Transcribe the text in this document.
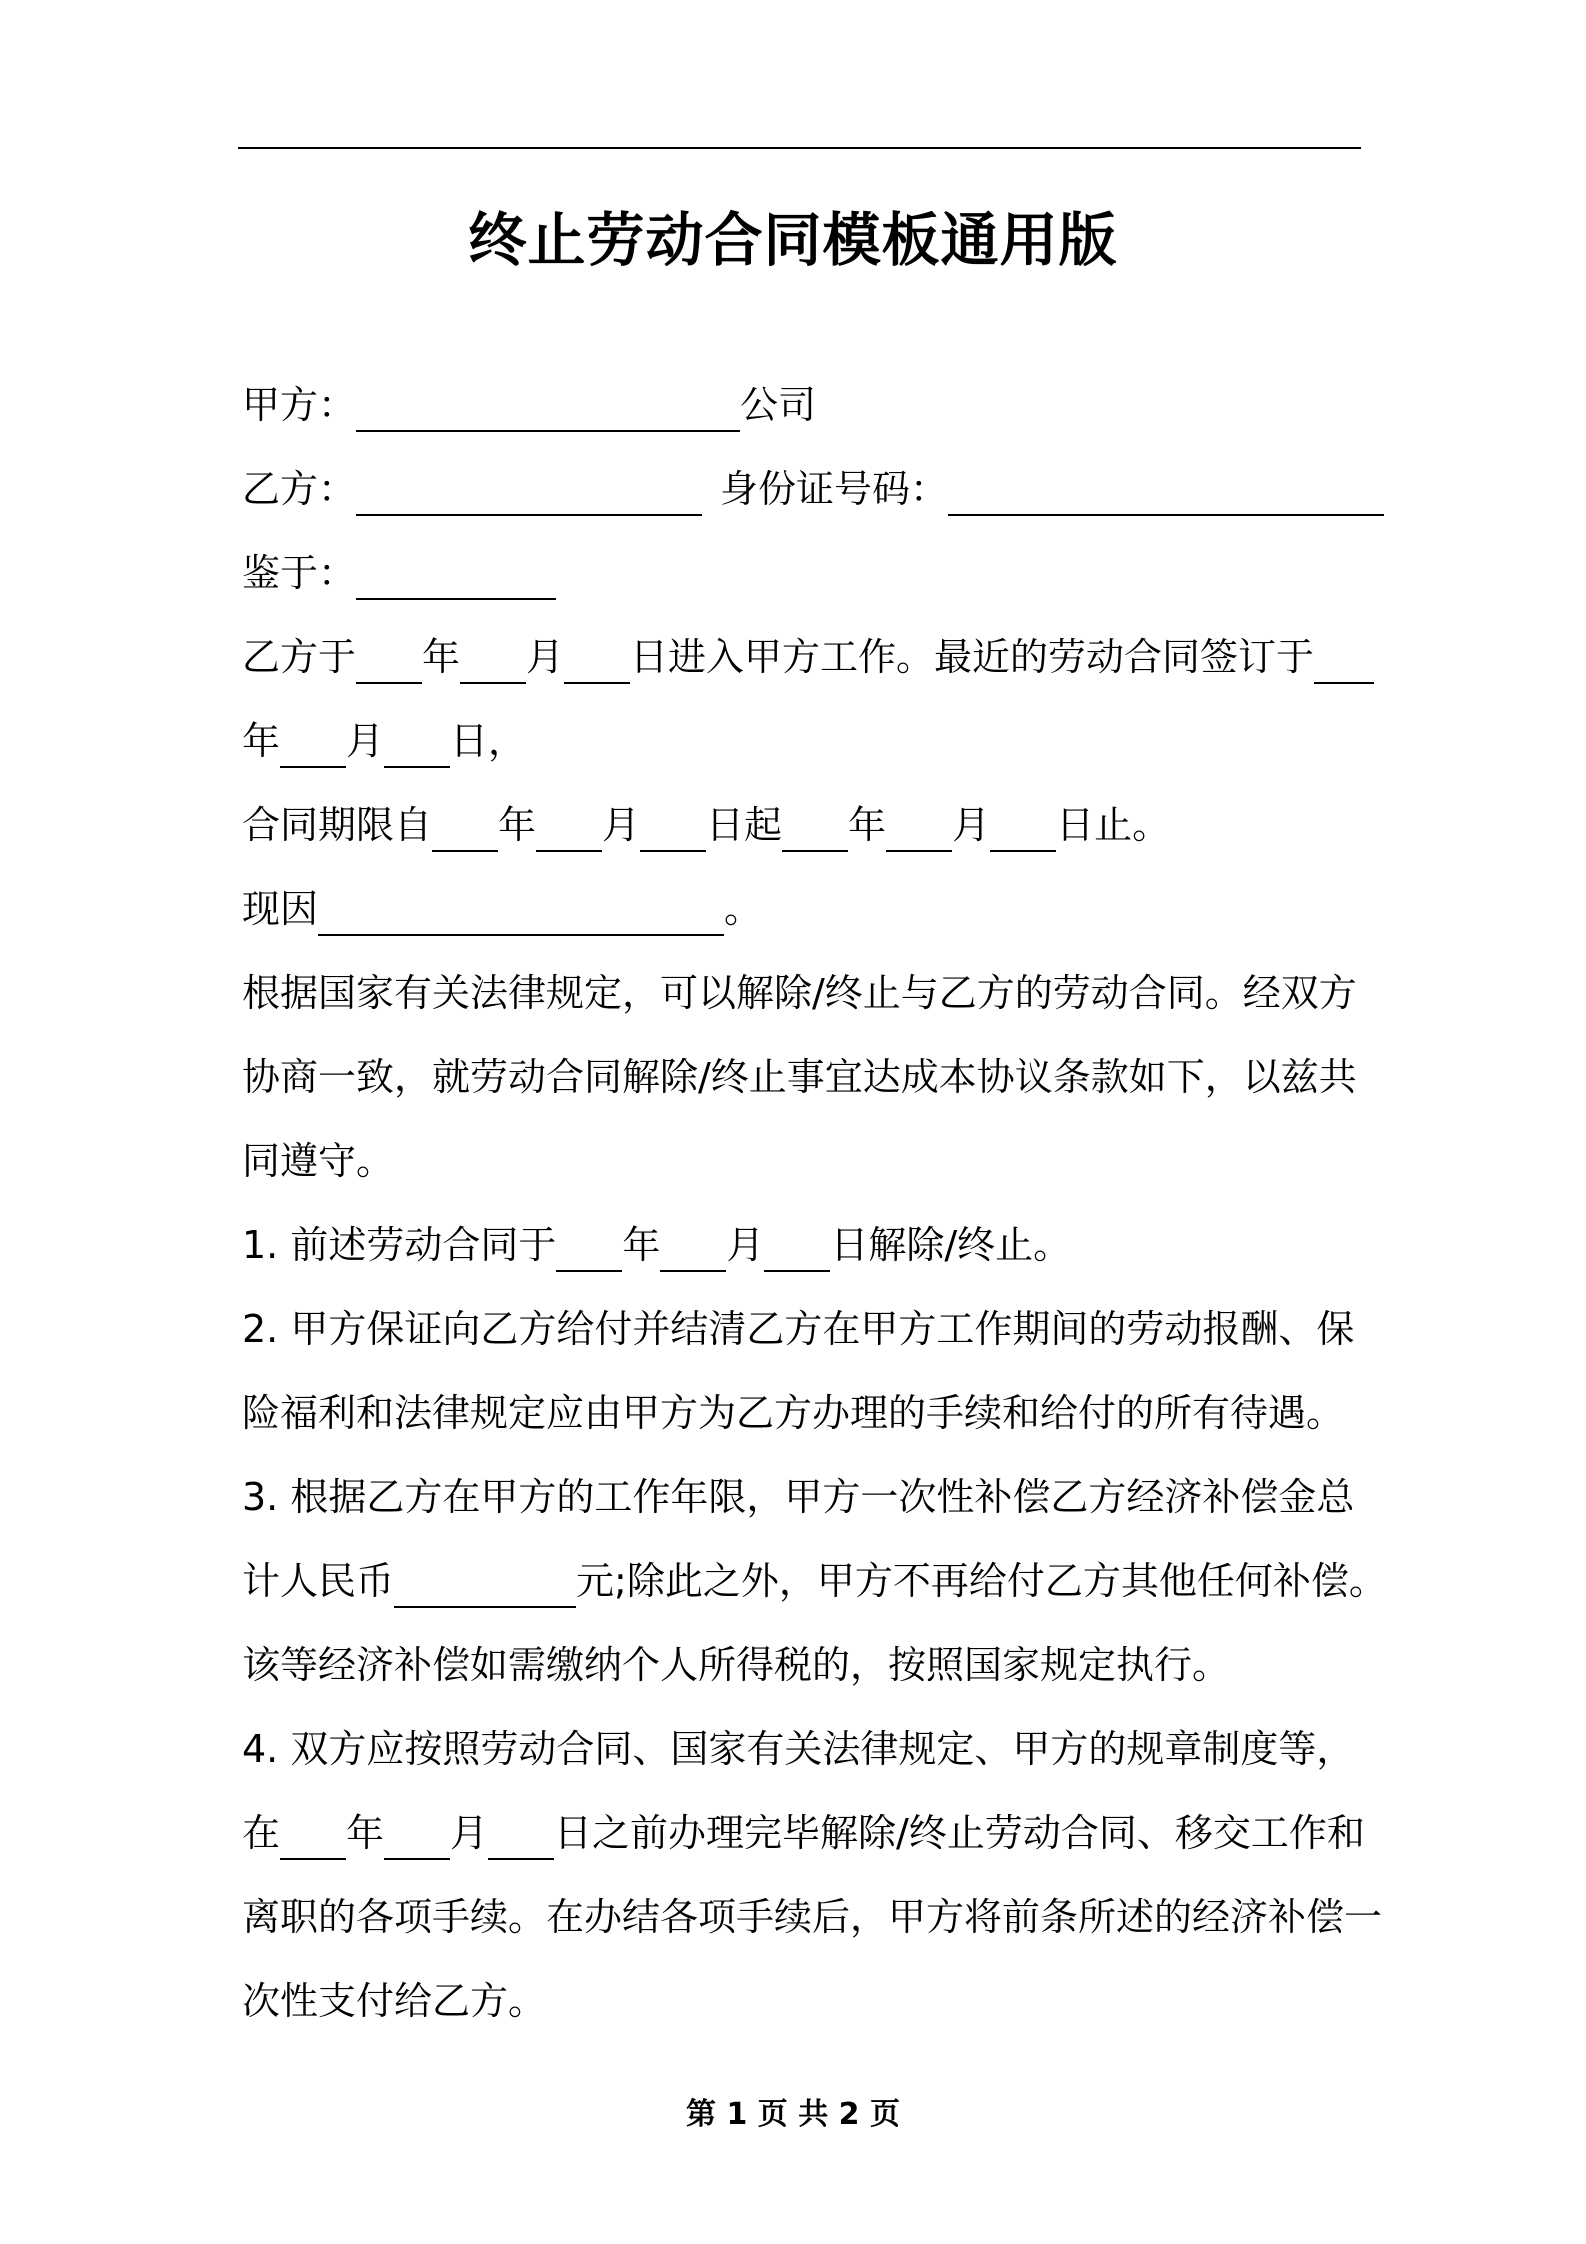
终止劳动合同模板通用版
甲方：	公司
乙方：	身份证号码：
鉴于：
乙方于 年 月 日进入甲方工作。最近的劳动合同签订于
年 月 日，
合同期限自 年 月 日起 年 月 日止。
现因	。
根据国家有关法律规定，可以解除/终止与乙方的劳动合同。经双方
协商一致，就劳动合同解除/终止事宜达成本协议条款如下，以兹共
同遵守。
1. 前述劳动合同于 年 月 日解除/终止。
2. 甲方保证向乙方给付并结清乙方在甲方工作期间的劳动报酬、保
险福利和法律规定应由甲方为乙方办理的手续和给付的所有待遇。
3. 根据乙方在甲方的工作年限，甲方一次性补偿乙方经济补偿金总
计人民币	元;除此之外，甲方不再给付乙方其他任何补偿。
该等经济补偿如需缴纳个人所得税的，按照国家规定执行。
4. 双方应按照劳动合同、国家有关法律规定、甲方的规章制度等，
在 年 月 日之前办理完毕解除/终止劳动合同、移交工作和
离职的各项手续。在办结各项手续后，甲方将前条所述的经济补偿一
次性支付给乙方。
第 1 页 共 2 页
